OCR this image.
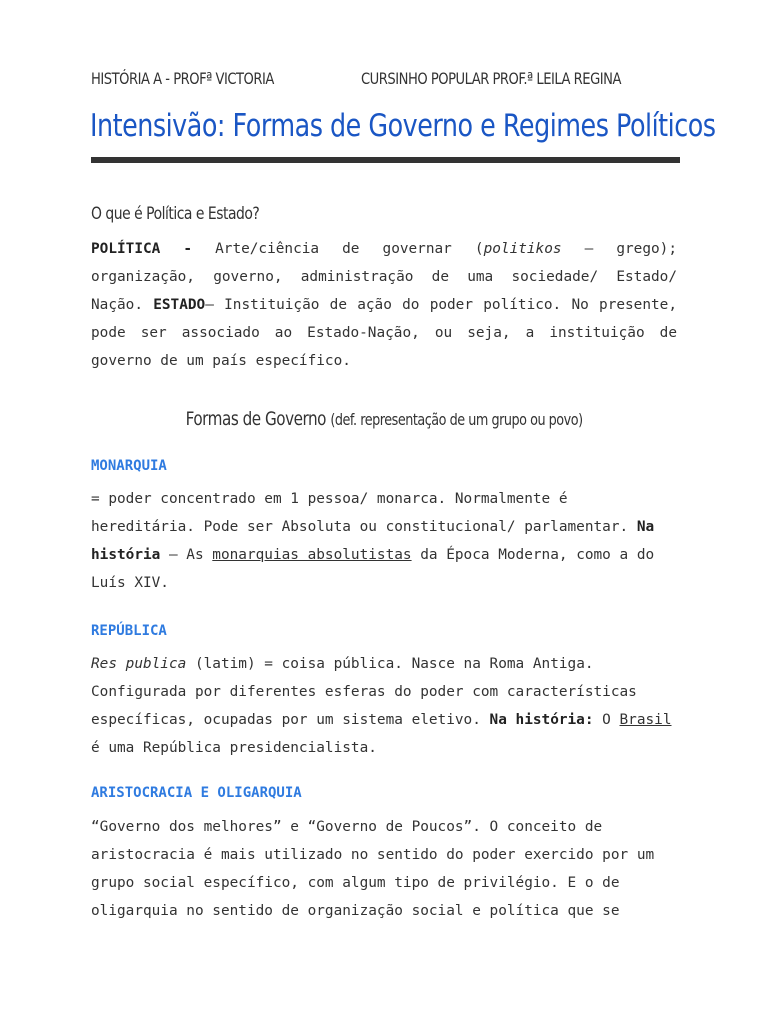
HISTÓRIA A - PROFª VICTORIA	CURSINHO POPULAR PROF.ª LEILA REGINA
Intensivão: Formas de Governo e Regimes Políticos
O que é Política e Estado?
POLÍTICA - Arte/ciência de governar (politikos – grego); organização, governo, administração de uma sociedade/ Estado/ Nação. ESTADO– Instituição de ação do poder político. No presente, pode ser associado ao Estado-Nação, ou seja, a instituição de governo de um país específico.
Formas de Governo (def. representação de um grupo ou povo)
MONARQUIA
= poder concentrado em 1 pessoa/ monarca. Normalmente é hereditária. Pode ser Absoluta ou constitucional/ parlamentar. Na história – As monarquias absolutistas da Época Moderna, como a do Luís XIV.
REPÚBLICA
Res publica (latim) = coisa pública. Nasce na Roma Antiga. Configurada por diferentes esferas do poder com características específicas, ocupadas por um sistema eletivo. Na história: O Brasil é uma República presidencialista.
ARISTOCRACIA E OLIGARQUIA
“Governo dos melhores” e “Governo de Poucos”. O conceito de aristocracia é mais utilizado no sentido do poder exercido por um grupo social específico, com algum tipo de privilégio. E o de oligarquia no sentido de organização social e política que se
